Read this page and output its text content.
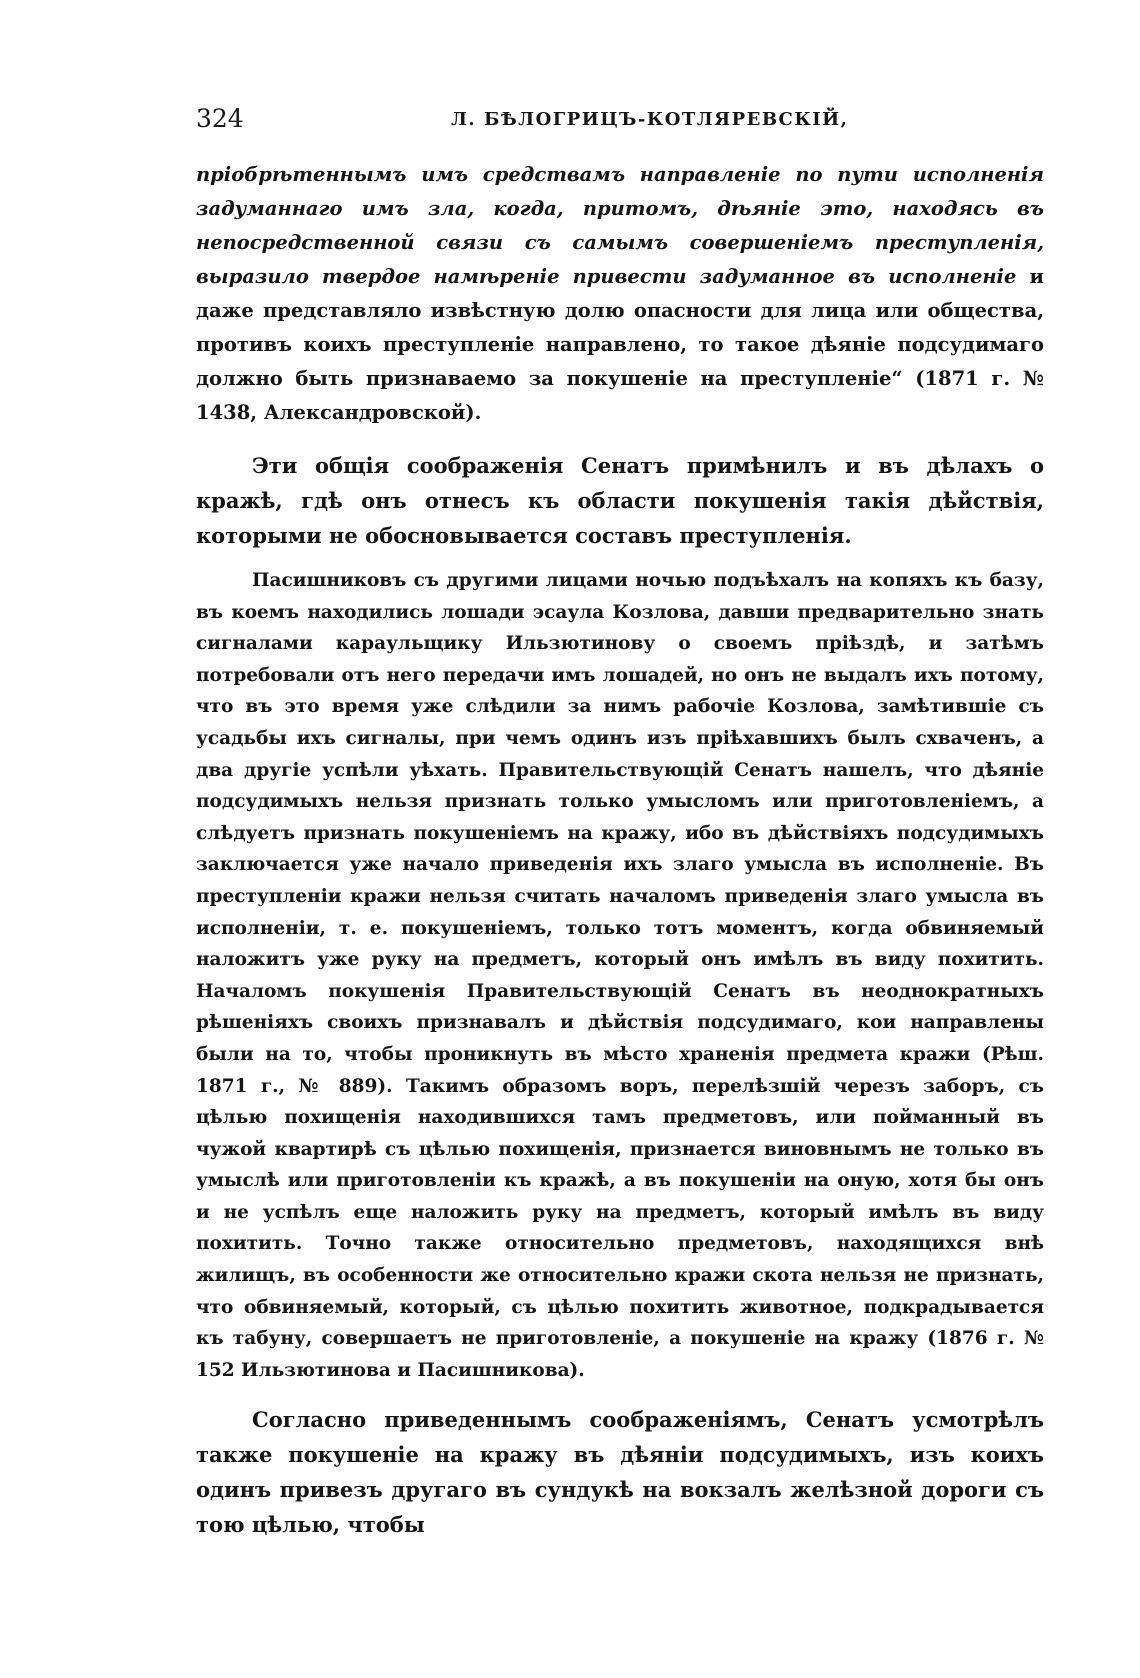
324	Л. БѢЛОГРИЦЪ-КОТЛЯРЕВСКІЙ,

пріобрѣтеннымъ имъ средствамъ направленіе по пути исполненія задуманнаго имъ зла, когда, притомъ, дѣяніе это, находясь въ непосредственной связи съ самымъ совершеніемъ преступленія, выразило твердое намѣреніе привести задуманное въ исполненіе и даже представляло извѣстную долю опасности для лица или общества, противъ коихъ преступленіе направлено, то такое дѣяніе подсудимаго должно быть признаваемо за покушеніе на преступленіе“ (1871 г. № 1438, Александровской).

Эти общія соображенія Сенатъ примѣнилъ и въ дѣлахъ о кражѣ, гдѣ онъ отнесъ къ области покушенія такія дѣйствія, которыми не обосновывается составъ преступленія.

Пасишниковъ съ другими лицами ночью подъѣхалъ на копяхъ къ базу, въ коемъ находились лошади эсаула Козлова, давши предварительно знать сигналами караульщику Ильзютинову о своемъ пріѣздѣ, и затѣмъ потребовали отъ него передачи имъ лошадей, но онъ не выдалъ ихъ потому, что въ это время уже слѣдили за нимъ рабочіе Козлова, замѣтившіе съ усадьбы ихъ сигналы, при чемъ одинъ изъ пріѣхавшихъ былъ схваченъ, а два другіе успѣли уѣхать. Правительствующій Сенатъ нашелъ, что дѣяніе подсудимыхъ нельзя признать только умысломъ или приготовленіемъ, а слѣдуетъ признать покушеніемъ на кражу, ибо въ дѣйствіяхъ подсудимыхъ заключается уже начало приведенія ихъ злаго умысла въ исполненіе. Въ преступленіи кражи нельзя считать началомъ приведенія злаго умысла въ исполненіи, т. е. покушеніемъ, только тотъ моментъ, когда обвиняемый наложитъ уже руку на предметъ, который онъ имѣлъ въ виду похитить. Началомъ покушенія Правительствующій Сенатъ въ неоднократныхъ рѣшеніяхъ своихъ признавалъ и дѣйствія подсудимаго, кои направлены были на то, чтобы проникнуть въ мѣсто храненія предмета кражи (Рѣш. 1871 г., № 889). Такимъ образомъ воръ, перелѣзшій черезъ заборъ, съ цѣлью похищенія находившихся тамъ предметовъ, или пойманный въ чужой квартирѣ съ цѣлью похищенія, признается виновнымъ не только въ умыслѣ или приготовленіи къ кражѣ, а въ покушеніи на оную, хотя бы онъ и не успѣлъ еще наложить руку на предметъ, который имѣлъ въ виду похитить. Точно также относительно предметовъ, находящихся внѣ жилищъ, въ особенности же относительно кражи скота нельзя не признать, что обвиняемый, который, съ цѣлью похитить животное, подкрадывается къ табуну, совершаетъ не приготовленіе, а покушеніе на кражу (1876 г. № 152 Ильзютинова и Пасишникова).

Согласно приведеннымъ соображеніямъ, Сенатъ усмотрѣлъ также покушеніе на кражу въ дѣяніи подсудимыхъ, изъ коихъ одинъ привезъ другаго въ сундукѣ на вокзалъ желѣзной дороги съ тою цѣлью, чтобы
